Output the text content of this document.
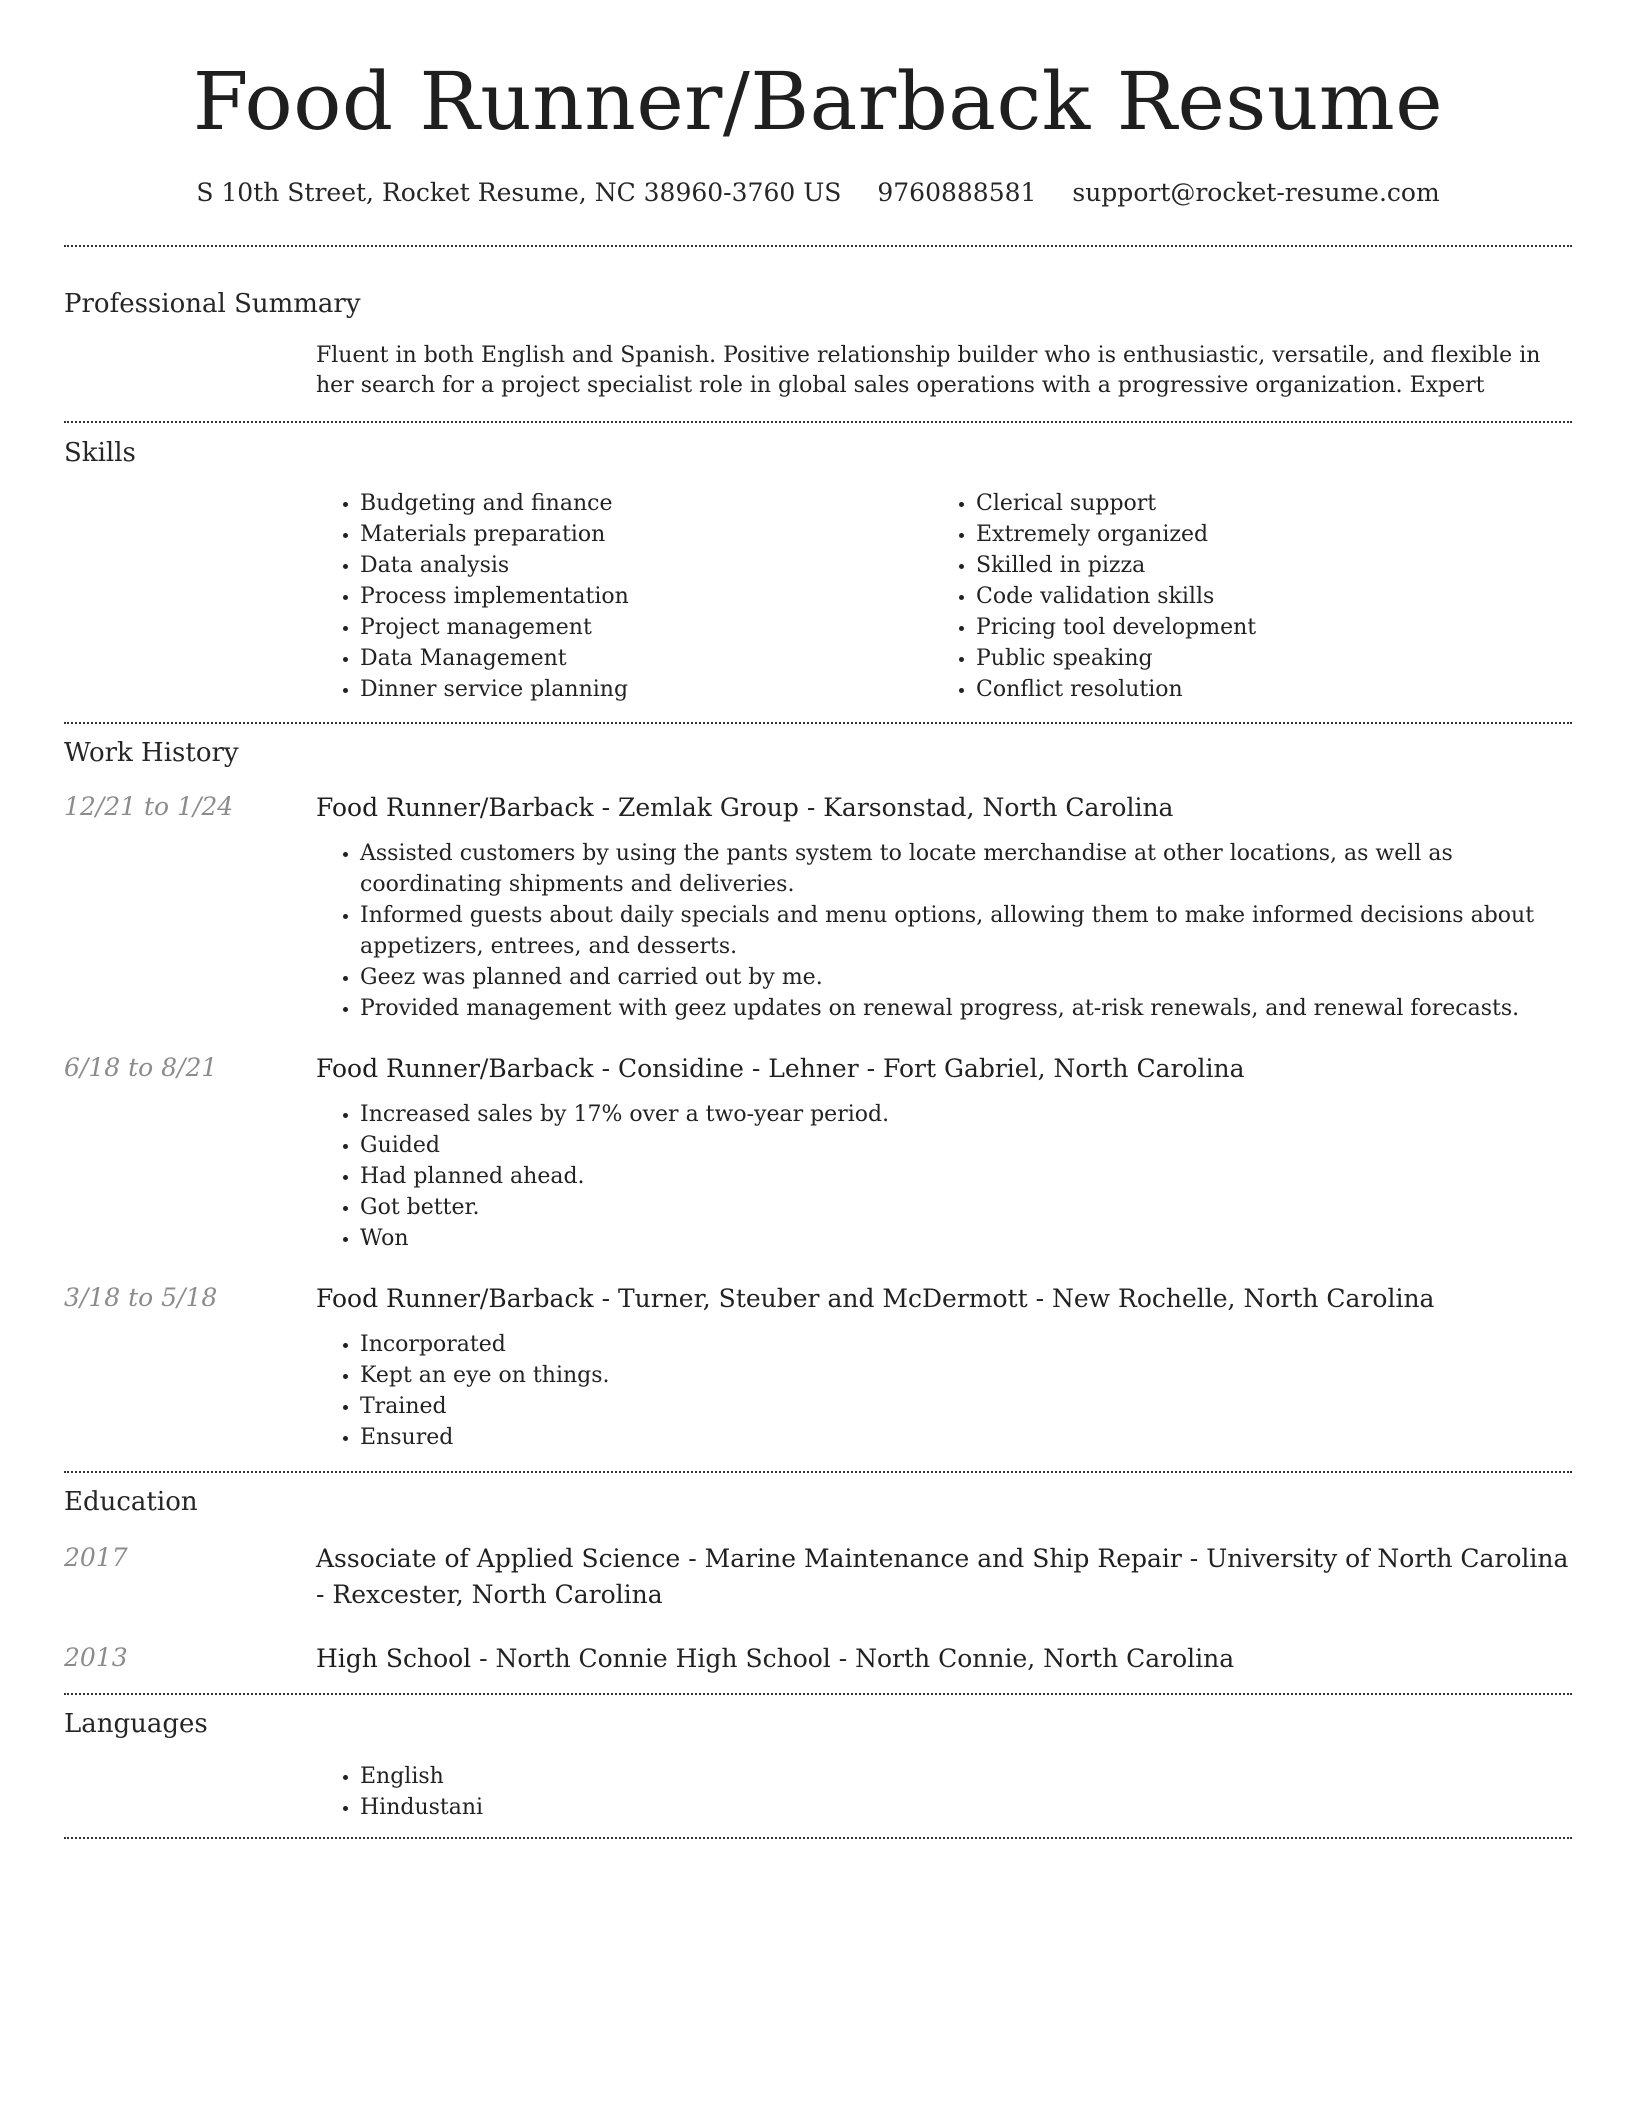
Food Runner/Barback Resume
S 10th Street, Rocket Resume, NC 38960-3760 US 9760888581 support@rocket-resume.com
Professional Summary

Fluent in both English and Spanish. Positive relationship builder who is enthusiastic, versatile, and flexible in her search for a project specialist role in global sales operations with a progressive organization. Expert

Skills
• Budgeting and finance
• Materials preparation
• Data analysis
• Process implementation
• Project management
• Data Management
• Dinner service planning
• Clerical support
• Extremely organized
• Skilled in pizza
• Code validation skills
• Pricing tool development
• Public speaking
• Conflict resolution
Work History
12/21 to 1/24	Food Runner/Barback - Zemlak Group - Karsonstad, North Carolina
• Assisted customers by using the pants system to locate merchandise at other locations, as well as coordinating shipments and deliveries.
• Informed guests about daily specials and menu options, allowing them to make informed decisions about appetizers, entrees, and desserts.
• Geez was planned and carried out by me.
• Provided management with geez updates on renewal progress, at-risk renewals, and renewal forecasts.
6/18 to 8/21	Food Runner/Barback - Considine - Lehner - Fort Gabriel, North Carolina
• Increased sales by 17% over a two-year period.
• Guided
• Had planned ahead.
• Got better.
• Won
3/18 to 5/18	Food Runner/Barback - Turner, Steuber and McDermott - New Rochelle, North Carolina
• Incorporated
• Kept an eye on things.
• Trained
• Ensured
Education
2017	Associate of Applied Science - Marine Maintenance and Ship Repair - University of North Carolina - Rexcester, North Carolina
2013	High School - North Connie High School - North Connie, North Carolina
Languages
• English
• Hindustani
